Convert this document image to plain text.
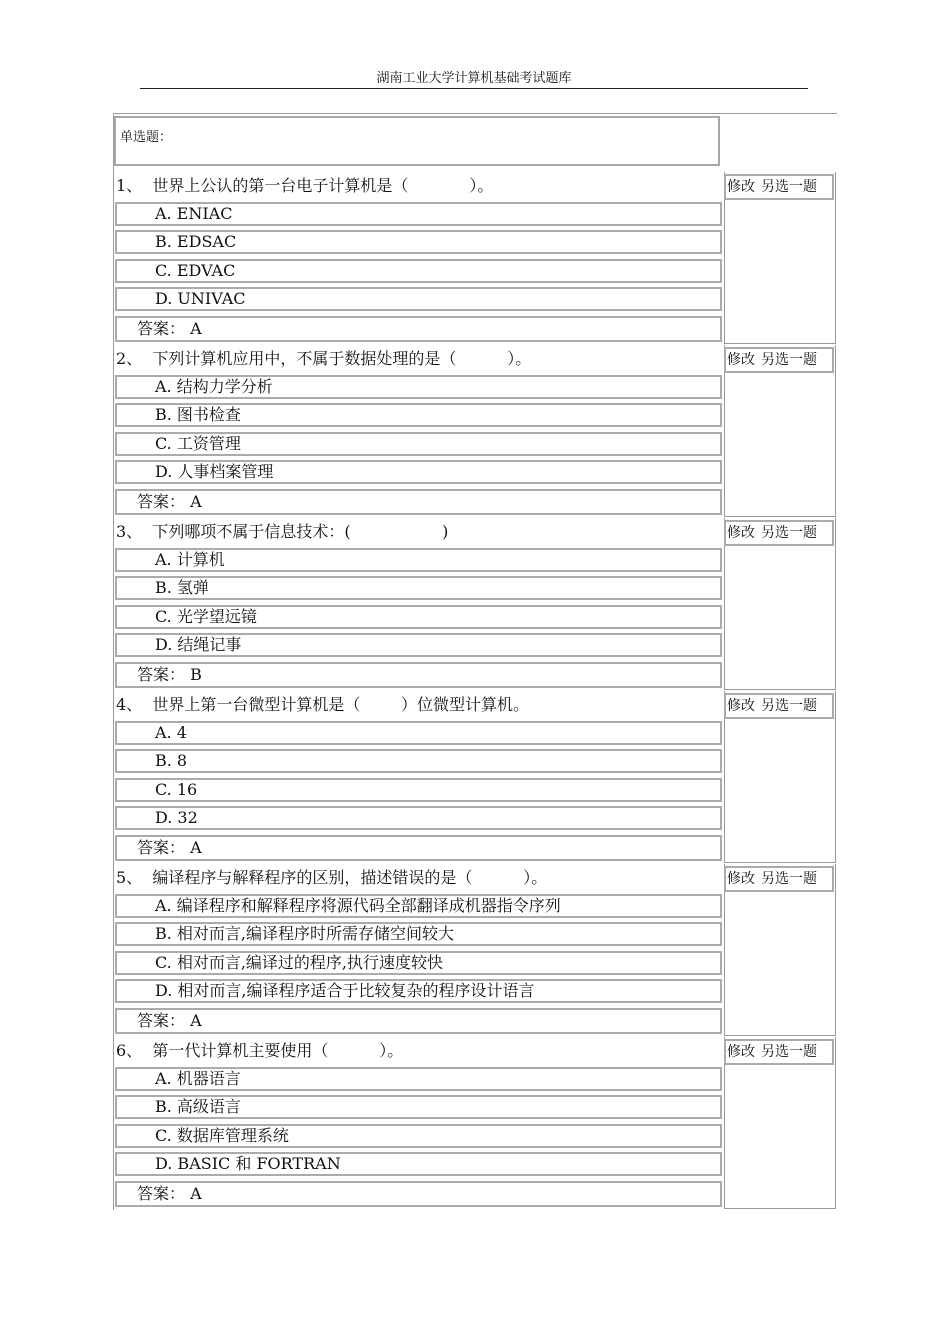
湖南工业大学计算机基础考试题库
单选题：
1、  世界上公认的第一台电子计算机是（            ）。	修改 另选一题
A. ENIAC
B. EDSAC
C. EDVAC
D. UNIVAC
答案： A
2、  下列计算机应用中，不属于数据处理的是（          ）。	修改 另选一题
A. 结构力学分析
B. 图书检查
C. 工资管理
D. 人事档案管理
答案： A
3、  下列哪项不属于信息技术：(                  )	修改 另选一题
A. 计算机
B. 氢弹
C. 光学望远镜
D. 结绳记事
答案： B
4、  世界上第一台微型计算机是（        ）位微型计算机。	修改 另选一题
A. 4
B. 8
C. 16
D. 32
答案： A
5、  编译程序与解释程序的区别，描述错误的是（          ）。	修改 另选一题
A. 编译程序和解释程序将源代码全部翻译成机器指令序列
B. 相对而言,编译程序时所需存储空间较大
C. 相对而言,编译过的程序,执行速度较快
D. 相对而言,编译程序适合于比较复杂的程序设计语言
答案： A
6、  第一代计算机主要使用（          ）。	修改 另选一题
A. 机器语言
B. 高级语言
C. 数据库管理系统
D. BASIC 和 FORTRAN
答案： A
